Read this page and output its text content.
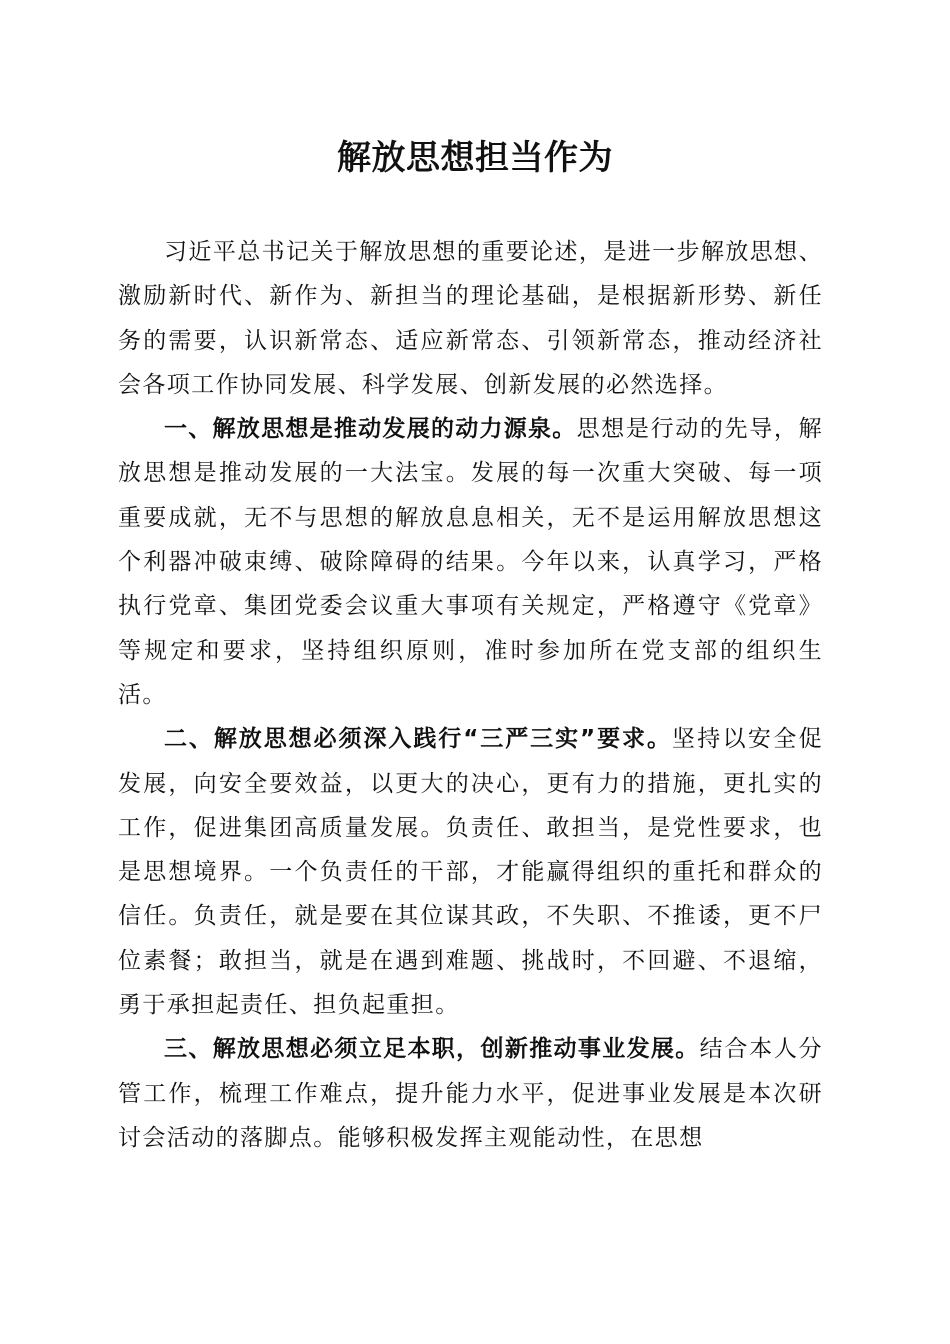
解放思想担当作为

习近平总书记关于解放思想的重要论述，是进一步解放思想、激励新时代、新作为、新担当的理论基础，是根据新形势、新任务的需要，认识新常态、适应新常态、引领新常态，推动经济社会各项工作协同发展、科学发展、创新发展的必然选择。

一、解放思想是推动发展的动力源泉。思想是行动的先导，解放思想是推动发展的一大法宝。发展的每一次重大突破、每一项重要成就，无不与思想的解放息息相关，无不是运用解放思想这个利器冲破束缚、破除障碍的结果。今年以来，认真学习，严格执行党章、集团党委会议重大事项有关规定，严格遵守《党章》等规定和要求，坚持组织原则，准时参加所在党支部的组织生活。

二、解放思想必须深入践行“三严三实”要求。坚持以安全促发展，向安全要效益，以更大的决心，更有力的措施，更扎实的工作，促进集团高质量发展。负责任、敢担当，是党性要求，也是思想境界。一个负责任的干部，才能赢得组织的重托和群众的信任。负责任，就是要在其位谋其政，不失职、不推诿，更不尸位素餐；敢担当，就是在遇到难题、挑战时，不回避、不退缩，勇于承担起责任、担负起重担。

三、解放思想必须立足本职，创新推动事业发展。结合本人分管工作，梳理工作难点，提升能力水平，促进事业发展是本次研讨会活动的落脚点。能够积极发挥主观能动性，在思想
